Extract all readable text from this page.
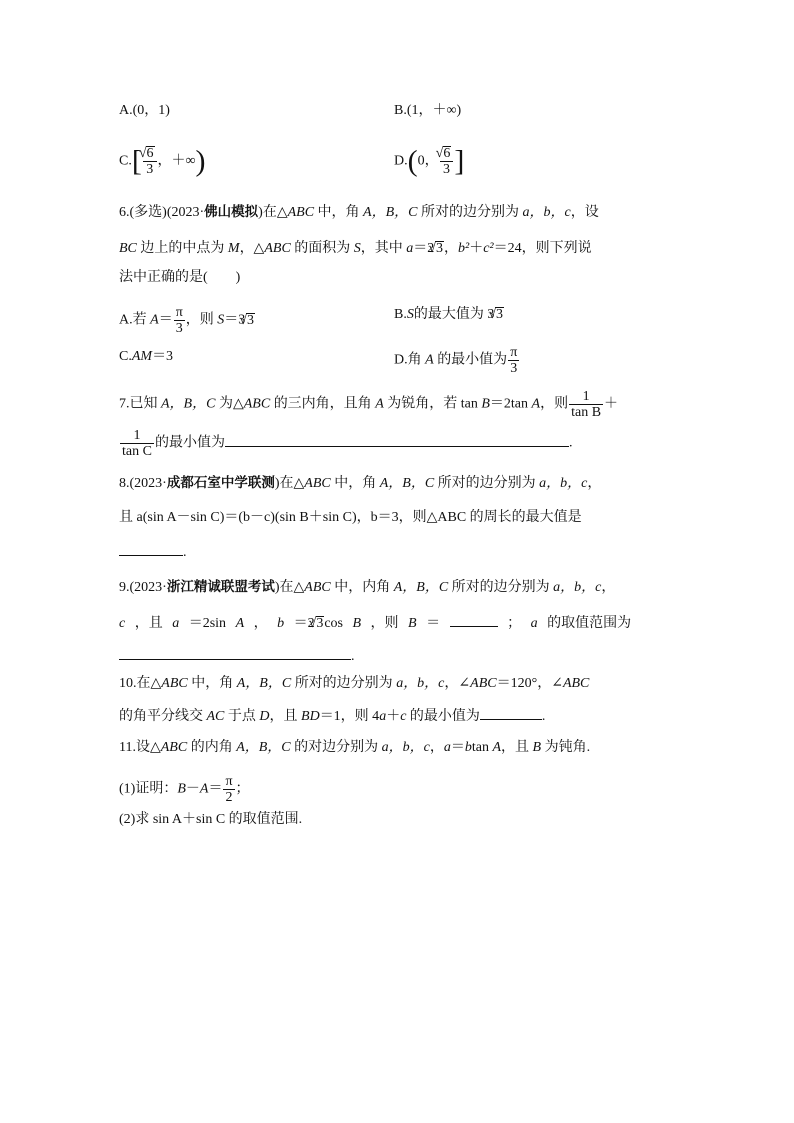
A.(0，1)	B.(1，＋∞)
C.[ √ $\frac{6}{3}$ ，＋∞)	D.(0， √ $\frac{6}{3}$ ]
6.(多选)(2023·佛山模拟)在△ABC 中，角 A，B，C 所对的边分别为 a，b，c，设
BC 边上的中点为 M，△ABC 的面积为 S，其中 a＝2 √ 3，b²＋c²＝24，则下列说
法中正确的是(　　)
A.若 $A= \frac{\pi}{3}$ ，则 S＝3 √ 3	B.S的最大值为 3 √ 3
C.AM＝3	D.角 A 的最小值为 $\frac{\pi}{3}$
7.已知 A，B，C 为△ABC 的三内角，且角 A 为锐角，若 tan B＝2tan A，则 $\frac{1}{\text{tan B}}$ ＋
$\frac{1}{\text{tan C}}$ 的最小值为	.
8.(2023·成都石室中学联测)在△ABC 中，角 A，B，C 所对的边分别为 a，b，c，
且 a(sin A－sin C)＝(b－c)(sin B＋sin C)，b＝3，则△ABC 的周长的最大值是
.
9.(2023·浙江精诚联盟考试)在△ABC 中，内角 A，B，C 所对的边分别为 a，b，c，
c ，且 a ＝2sin A ， b ＝2 √ 3cos B ，则 B ＝	； a 的取值范围为
.
10.在△ABC 中，角 A，B，C 所对的边分别为 a，b，c，∠ABC＝120°，∠ABC
的角平分线交 AC 于点 D，且 BD＝1，则 4a＋c 的最小值为	.
11.设△ABC 的内角 A，B，C 的对边分别为 a，b，c，a＝btan A，且 B 为钝角.
(1)证明：$B-A= \frac{\pi}{2}$ ；
(2)求 sin A＋sin C 的取值范围.
